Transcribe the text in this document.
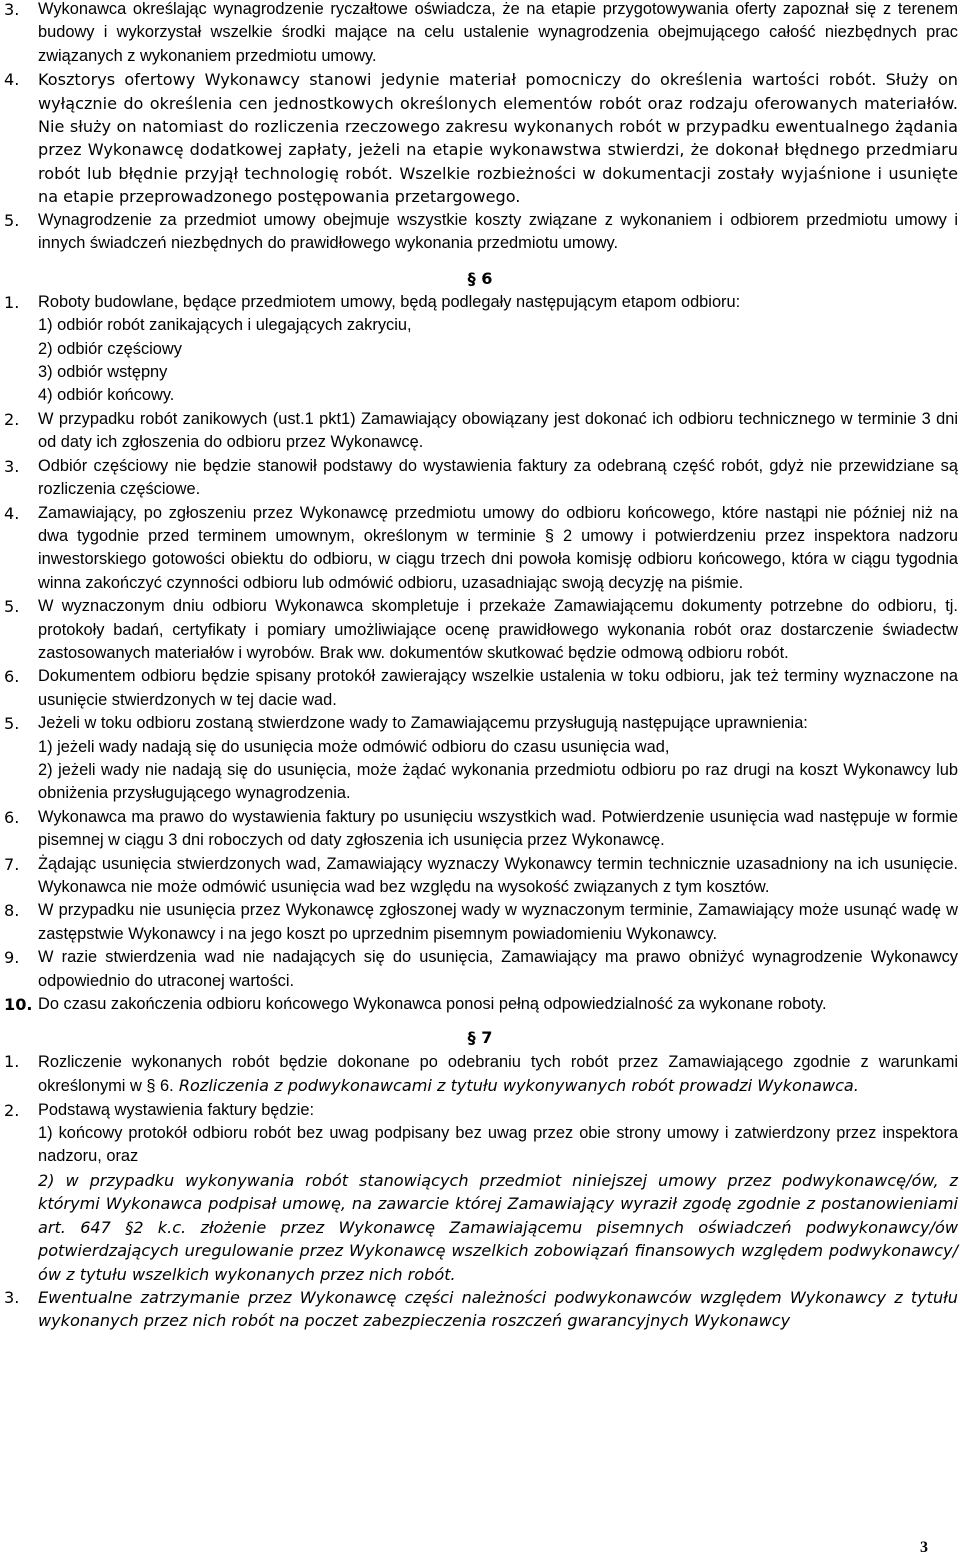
3. Wykonawca określając wynagrodzenie ryczałtowe oświadcza, że na etapie przygotowywania oferty zapoznał się z terenem budowy i wykorzystał wszelkie środki mające na celu ustalenie wynagrodzenia obejmującego całość niezbędnych prac związanych z wykonaniem przedmiotu umowy.
4. Kosztorys ofertowy Wykonawcy stanowi jedynie materiał pomocniczy do określenia wartości robót. Służy on wyłącznie do określenia cen jednostkowych określonych elementów robót oraz rodzaju oferowanych materiałów. Nie służy on natomiast do rozliczenia rzeczowego zakresu wykonanych robót w przypadku ewentualnego żądania przez Wykonawcę dodatkowej zapłaty, jeżeli na etapie wykonawstwa stwierdzi, że dokonał błędnego przedmiaru robót lub błędnie przyjął technologię robót. Wszelkie rozbieżności w dokumentacji zostały wyjaśnione i usunięte na etapie przeprowadzonego postępowania przetargowego.
5. Wynagrodzenie za przedmiot umowy obejmuje wszystkie koszty związane z wykonaniem i odbiorem przedmiotu umowy i innych świadczeń niezbędnych do prawidłowego wykonania przedmiotu umowy.
§ 6
1. Roboty budowlane, będące przedmiotem umowy, będą podlegały następującym etapom odbioru:
1) odbiór robót zanikających i ulegających zakryciu,
2) odbiór częściowy
3) odbiór wstępny
4) odbiór końcowy.
2. W przypadku robót zanikowych (ust.1 pkt1) Zamawiający obowiązany jest dokonać ich odbioru technicznego w terminie 3 dni od daty ich zgłoszenia do odbioru przez Wykonawcę.
3. Odbiór częściowy nie będzie stanowił podstawy do wystawienia faktury za odebraną część robót, gdyż nie przewidziane są rozliczenia częściowe.
4. Zamawiający, po zgłoszeniu przez Wykonawcę przedmiotu umowy do odbioru końcowego, które nastąpi nie później niż na dwa tygodnie przed terminem umownym, określonym w terminie § 2 umowy i potwierdzeniu przez inspektora nadzoru inwestorskiego gotowości obiektu do odbioru, w ciągu trzech dni powoła komisję odbioru końcowego, która w ciągu tygodnia winna zakończyć czynności odbioru lub odmówić odbioru, uzasadniając swoją decyzję na piśmie.
5. W wyznaczonym dniu odbioru Wykonawca skompletuje i przekaże Zamawiającemu dokumenty potrzebne do odbioru, tj. protokoły badań, certyfikaty i pomiary umożliwiające ocenę prawidłowego wykonania robót oraz dostarczenie świadectw zastosowanych materiałów i wyrobów. Brak ww. dokumentów skutkować będzie odmową odbioru robót.
6. Dokumentem odbioru będzie spisany protokół zawierający wszelkie ustalenia w toku odbioru, jak też terminy wyznaczone na usunięcie stwierdzonych w tej dacie wad.
5. Jeżeli w toku odbioru zostaną stwierdzone wady to Zamawiającemu przysługują następujące uprawnienia:
1) jeżeli wady nadają się do usunięcia może odmówić odbioru do czasu usunięcia wad,
2) jeżeli wady nie nadają się do usunięcia, może żądać wykonania przedmiotu odbioru po raz drugi na koszt Wykonawcy lub obniżenia przysługującego wynagrodzenia.
6. Wykonawca ma prawo do wystawienia faktury po usunięciu wszystkich wad. Potwierdzenie usunięcia wad następuje w formie pisemnej w ciągu 3 dni roboczych od daty zgłoszenia ich usunięcia przez Wykonawcę.
7. Żądając usunięcia stwierdzonych wad, Zamawiający wyznaczy Wykonawcy termin technicznie uzasadniony na ich usunięcie. Wykonawca nie może odmówić usunięcia wad bez względu na wysokość związanych z tym kosztów.
8. W przypadku nie usunięcia przez Wykonawcę zgłoszonej wady w wyznaczonym terminie, Zamawiający może usunąć wadę w zastępstwie Wykonawcy i na jego koszt po uprzednim pisemnym powiadomieniu Wykonawcy.
9. W razie stwierdzenia wad nie nadających się do usunięcia, Zamawiający ma prawo obniżyć wynagrodzenie Wykonawcy odpowiednio do utraconej wartości.
10. Do czasu zakończenia odbioru końcowego Wykonawca ponosi pełną odpowiedzialność za wykonane roboty.
§ 7
1. Rozliczenie wykonanych robót będzie dokonane po odebraniu tych robót przez Zamawiającego zgodnie z warunkami określonymi w § 6. Rozliczenia z podwykonawcami z tytułu wykonywanych robót prowadzi Wykonawca.
2. Podstawą wystawienia faktury będzie:
1) końcowy protokół odbioru robót bez uwag podpisany bez uwag przez obie strony umowy i zatwierdzony przez inspektora nadzoru, oraz
2) w przypadku wykonywania robót stanowiących przedmiot niniejszej umowy przez podwykonawcę/ów, z którymi Wykonawca podpisał umowę, na zawarcie której Zamawiający wyraził zgodę zgodnie z postanowieniami art. 647 §2 k.c. złożenie przez Wykonawcę Zamawiającemu pisemnych oświadczeń podwykonawcy/ów potwierdzających uregulowanie przez Wykonawcę wszelkich zobowiązań finansowych względem podwykonawcy/ów z tytułu wszelkich wykonanych przez nich robót.
3. Ewentualne zatrzymanie przez Wykonawcę części należności podwykonawców względem Wykonawcy z tytułu wykonanych przez nich robót na poczet zabezpieczenia roszczeń gwarancyjnych Wykonawcy
3
